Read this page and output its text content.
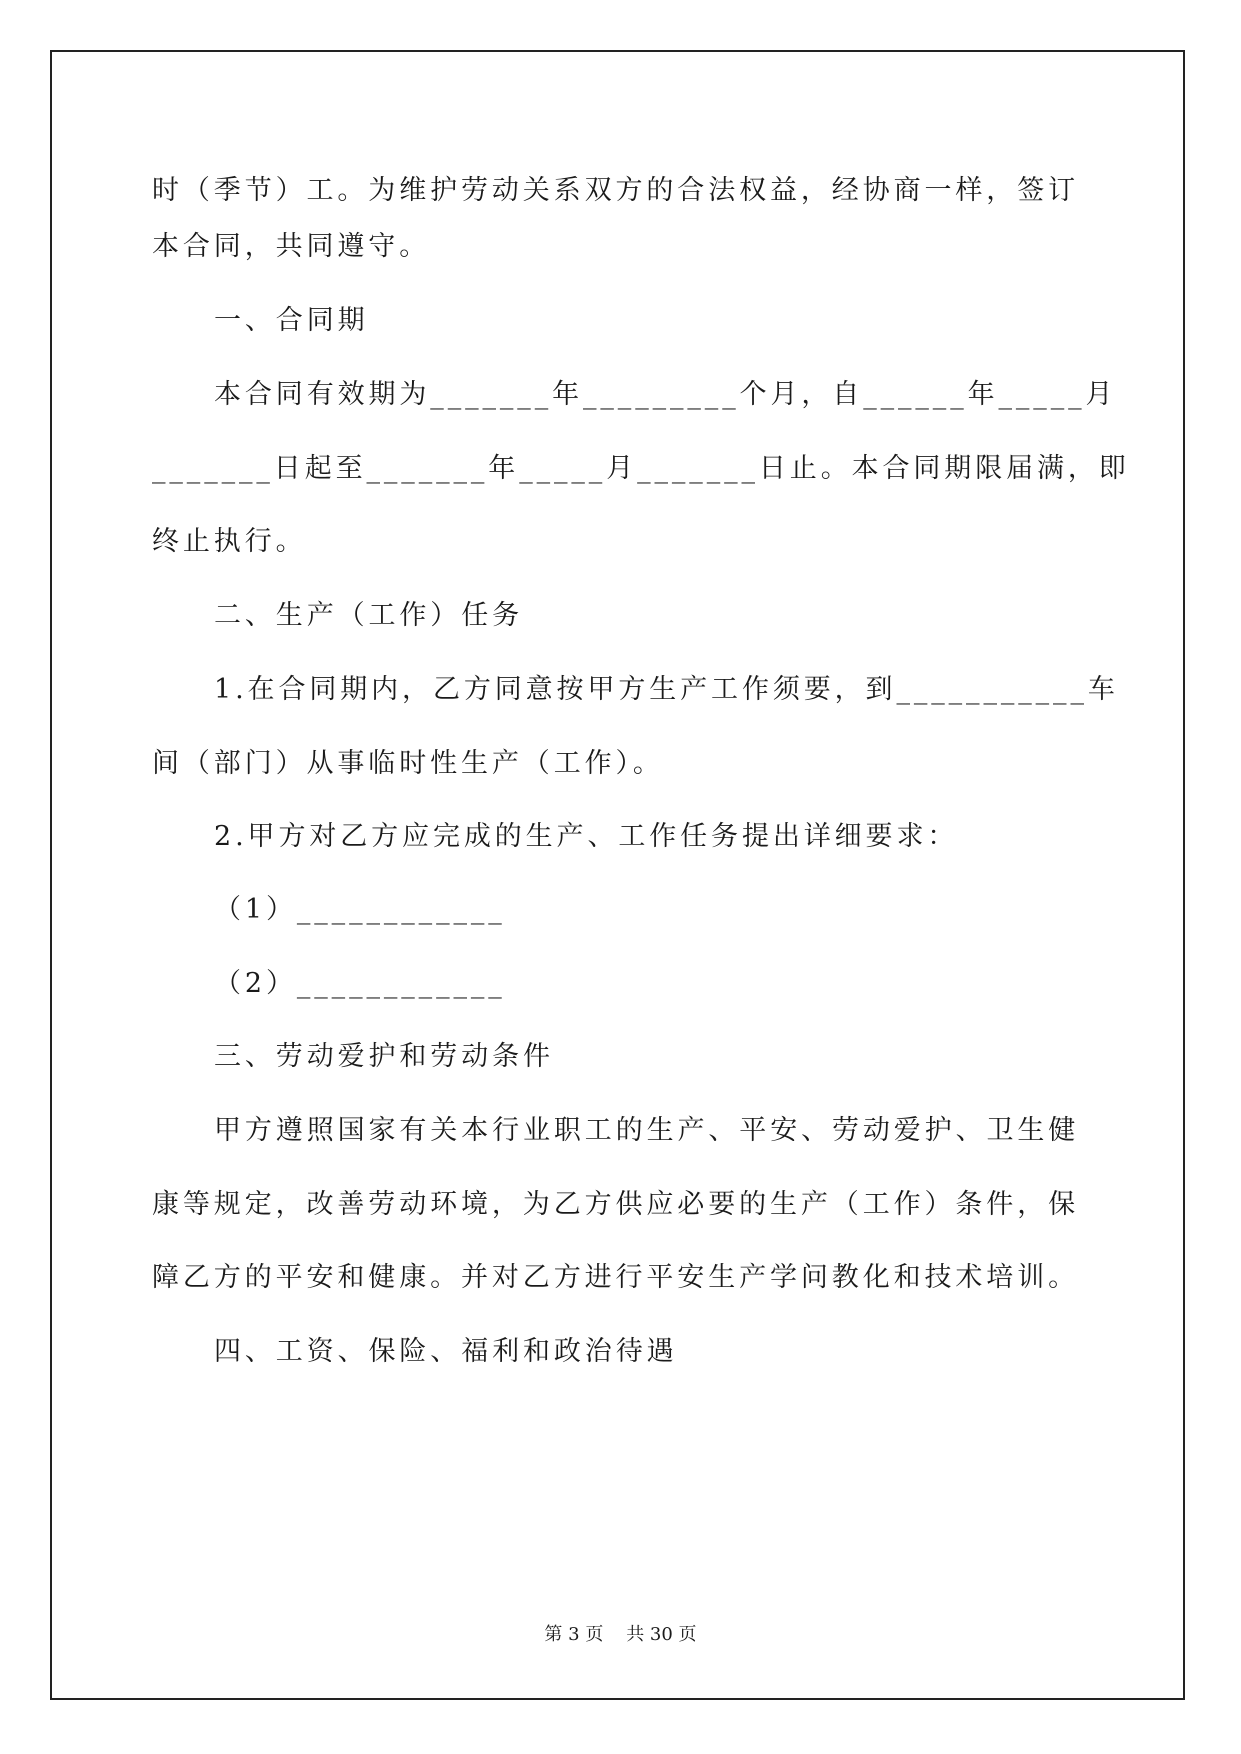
时（季节）工。为维护劳动关系双方的合法权益，经协商一样，签订
本合同，共同遵守。
一、合同期
本合同有效期为_______年_________个月，自______年_____月
_______日起至_______年_____月_______日止。本合同期限届满，即
终止执行。
二、生产（工作）任务
1.在合同期内，乙方同意按甲方生产工作须要，到___________车
间（部门）从事临时性生产（工作）。
2.甲方对乙方应完成的生产、工作任务提出详细要求：
（1）____________
（2）____________
三、劳动爱护和劳动条件
甲方遵照国家有关本行业职工的生产、平安、劳动爱护、卫生健
康等规定，改善劳动环境，为乙方供应必要的生产（工作）条件，保
障乙方的平安和健康。并对乙方进行平安生产学问教化和技术培训。
四、工资、保险、福利和政治待遇
第 3 页    共 30 页
